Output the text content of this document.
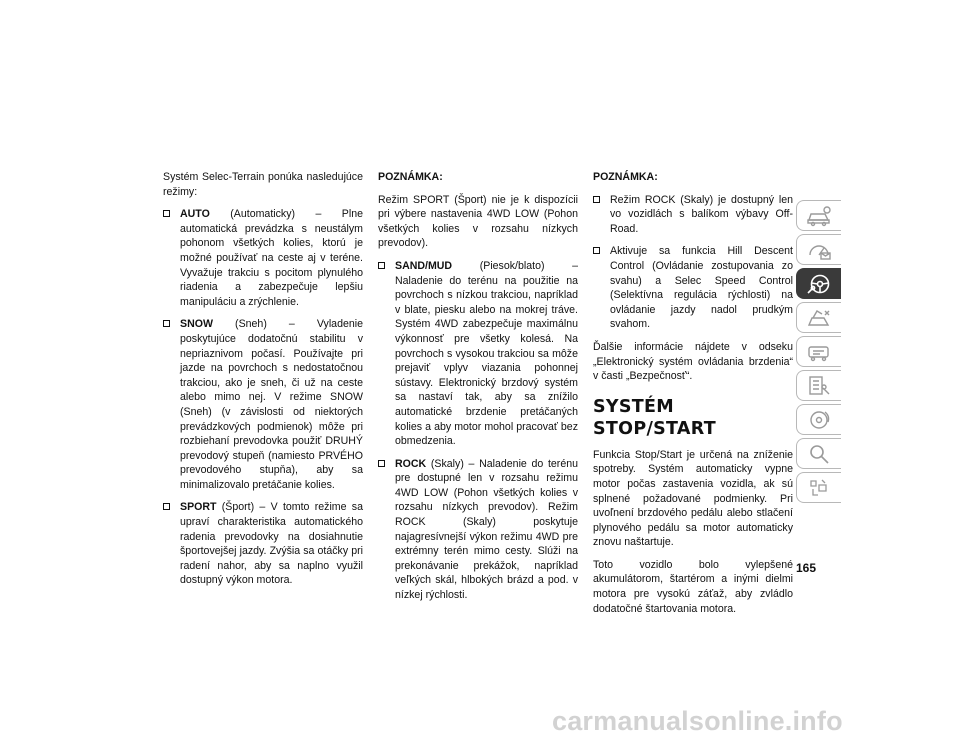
Systém Selec-Terrain ponúka nasledujúce režimy:

AUTO (Automaticky) – Plne automatická prevádzka s neustálym pohonom všetkých kolies, ktorú je možné používať na ceste aj v teréne. Vyvažuje trakciu s pocitom plynulého riadenia a zabezpečuje lepšiu manipuláciu a zrýchlenie.
SNOW (Sneh) – Vyladenie poskytujúce dodatočnú stabilitu v nepriaznivom počasí. Používajte pri jazde na povrchoch s nedostatočnou trakciou, ako je sneh, či už na ceste alebo mimo nej. V režime SNOW (Sneh) (v závislosti od niektorých prevádzkových podmienok) môže pri rozbiehaní prevodovka použiť DRUHÝ prevodový stupeň (namiesto PRVÉHO prevodového stupňa), aby sa minimalizovalo pretáčanie kolies.
SPORT (Šport) – V tomto režime sa upraví charakteristika automatického radenia prevodovky na dosiahnutie športovejšej jazdy. Zvýšia sa otáčky pri radení nahor, aby sa naplno využil dostupný výkon motora.

POZNÁMKA:

Režim SPORT (Šport) nie je k dispozícii pri výbere nastavenia 4WD LOW (Pohon všetkých kolies v rozsahu nízkych prevodov).

SAND/MUD	(Piesok/blato) – Naladenie do terénu na použitie na povrchoch s nízkou trakciou, napríklad v blate, piesku alebo na mokrej tráve. Systém 4WD zabezpečuje maximálnu výkonnosť pre všetky kolesá. Na povrchoch s vysokou trakciou sa môže prejaviť vplyv viazania pohonnej sústavy. Elektronický brzdový systém sa nastaví tak, aby sa znížilo automatické brzdenie pretáčaných kolies a aby motor mohol pracovať bez obmedzenia.
ROCK (Skaly) – Naladenie do terénu pre dostupné len v rozsahu režimu 4WD LOW (Pohon všetkých kolies v rozsahu nízkych prevodov). Režim ROCK (Skaly) poskytuje najagresívnejší výkon režimu 4WD pre extrémny terén mimo cesty. Slúži na prekonávanie prekážok, napríklad veľkých skál, hlbokých brázd a pod. v nízkej rýchlosti.

POZNÁMKA:

Režim ROCK (Skaly) je dostupný len vo vozidlách s balíkom výbavy Off-Road.
Aktivuje sa funkcia Hill Descent Control (Ovládanie zostupovania zo svahu) a Selec Speed Control (Selektívna regulácia rýchlosti) na ovládanie jazdy nadol prudkým svahom.

Ďalšie informácie nájdete v odseku „Elektronický systém ovládania brzdenia“ v časti „Bezpečnosť“.

SYSTÉM STOP/START

Funkcia Stop/Start je určená na zníženie spotreby. Systém automaticky vypne motor počas zastavenia vozidla, ak sú splnené požadované podmienky. Pri uvoľnení brzdového pedálu alebo stlačení plynového pedálu sa motor automaticky znovu naštartuje.

Toto vozidlo bolo vylepšené akumulátorom, štartérom a inými dielmi motora pre vysokú záťaž, aby zvládlo dodatočné štartovania motora.

165
carmanualsonline.info
